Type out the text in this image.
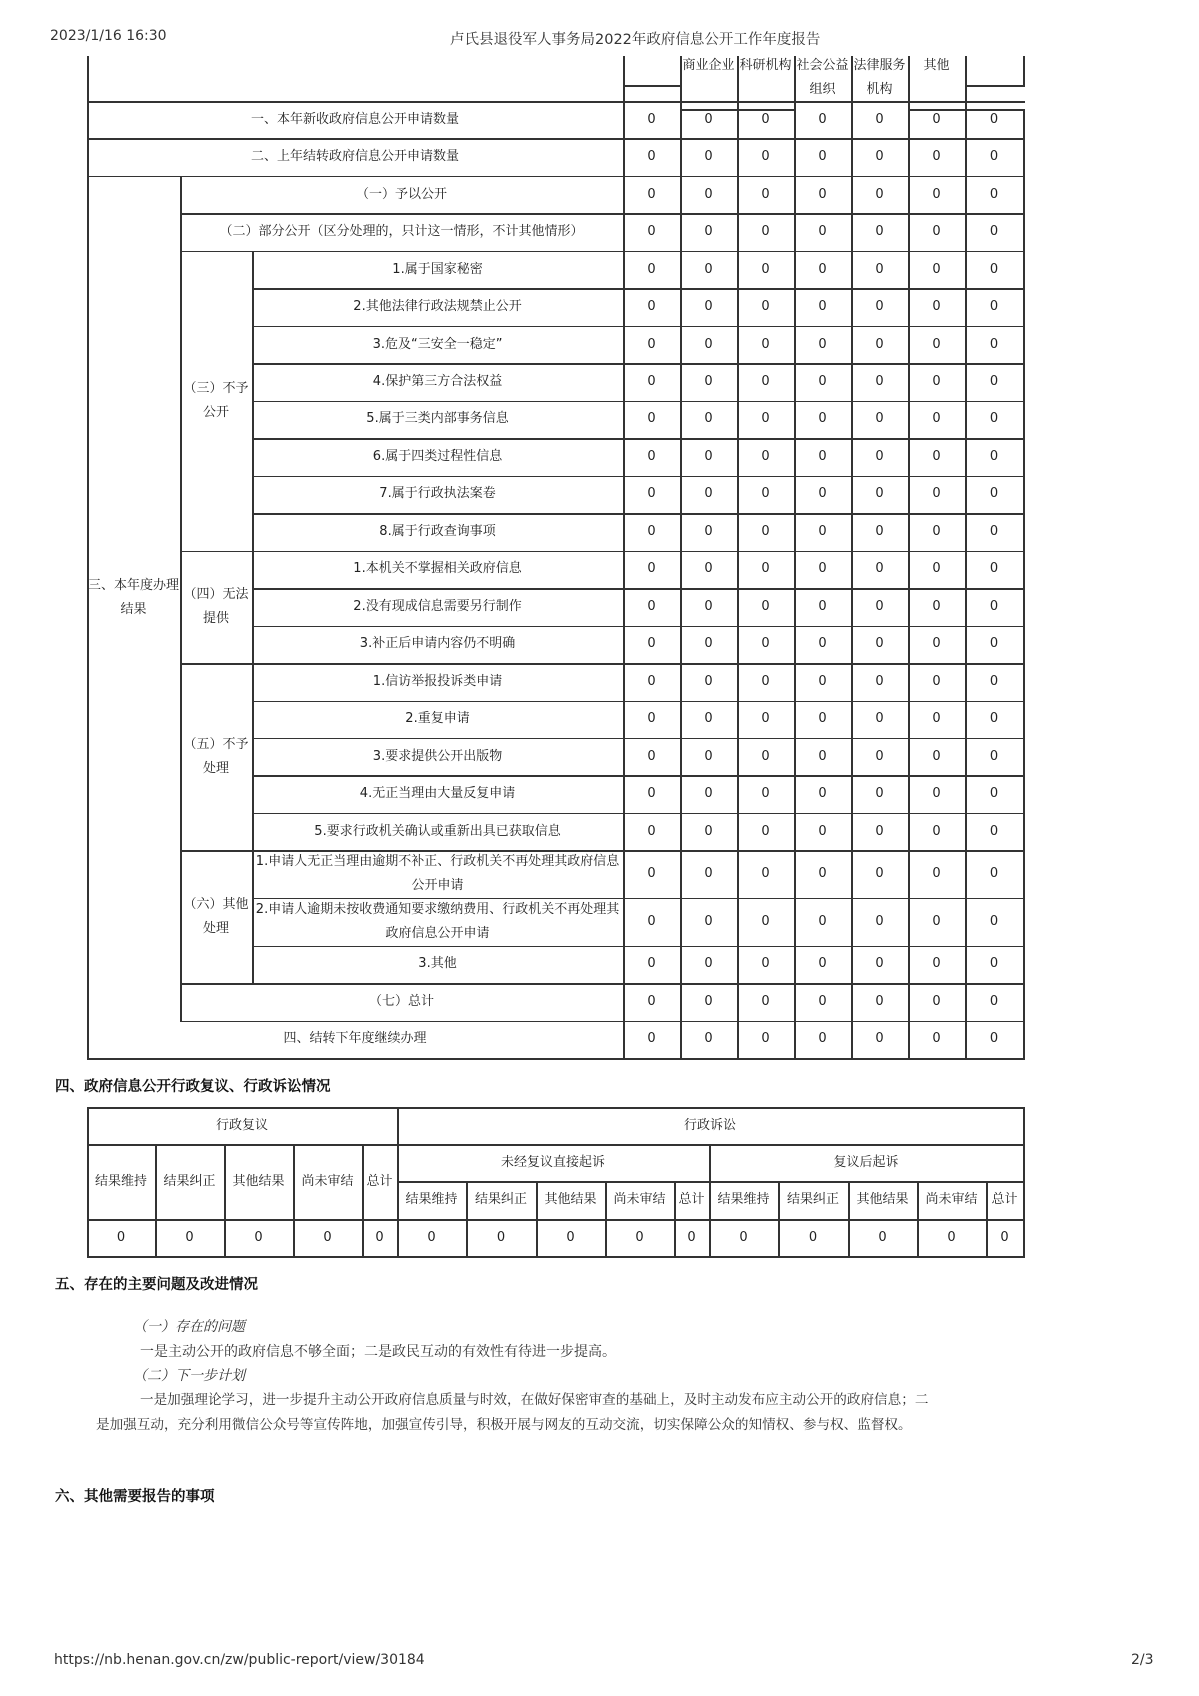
2023/1/16 16:30	卢氏县退役军人事务局2022年政府信息公开工作年度报告
商业企业 科研机构 社会公益
组织
法律服务
机构
其他
一、本年新收政府信息公开申请数量	0	0	0	0	0	0	0
二、上年结转政府信息公开申请数量	0	0	0	0	0	0	0
（一）予以公开	0	0	0	0	0	0	0
（二）部分公开（区分处理的，只计这一情形，不计其他情形）	0	0	0	0	0	0	0
1.属于国家秘密	0	0	0	0	0	0	0
2.其他法律行政法规禁止公开	0	0	0	0	0	0	0
3.危及“三安全一稳定”	0	0	0	0	0	0	0
4.保护第三方合法权益	0	0	0	0	0	0	0
5.属于三类内部事务信息	0	0	0	0	0	0	0
6.属于四类过程性信息	0	0	0	0	0	0	0
7.属于行政执法案卷	0	0	0	0	0	0	0
8.属于行政查询事项	0	0	0	0	0	0	0
1.本机关不掌握相关政府信息	0	0	0	0	0	0	0
2.没有现成信息需要另行制作	0	0	0	0	0	0	0
3.补正后申请内容仍不明确	0	0	0	0	0	0	0
1.信访举报投诉类申请	0	0	0	0	0	0	0
2.重复申请	0	0	0	0	0	0	0
3.要求提供公开出版物	0	0	0	0	0	0	0
4.无正当理由大量反复申请	0	0	0	0	0	0	0
5.要求行政机关确认或重新出具已获取信息	0	0	0	0	0	0	0
1.申请人无正当理由逾期不补正、行政机关不再处理其政府信息
公开申请
0	0	0	0	0	0	0
2.申请人逾期未按收费通知要求缴纳费用、行政机关不再处理其
政府信息公开申请
0	0	0	0	0	0	0
3.其他	0	0	0	0	0	0	0
（七）总计	0	0	0	0	0	0	0
四、结转下年度继续办理	0	0	0	0	0	0	0
三、本年度办理
结果
（三）不予
公开
（四）无法
提供
（五）不予
处理
（六）其他
处理
四、政府信息公开行政复议、行政诉讼情况
行政复议	行政诉讼
未经复议直接起诉	复议后起诉
结果维持
结果维持	结果维持
0	0	0
结果纠正
结果纠正	结果纠正
0	0	0
其他结果
其他结果	其他结果
0	0	0
尚未审结
尚未审结	尚未审结
0	0	0
总计
总计	总计
0	0	0
五、存在的主要问题及改进情况
（一）存在的问题
一是主动公开的政府信息不够全面；二是政民互动的有效性有待进一步提高。
（二）下一步计划
一是加强理论学习，进一步提升主动公开政府信息质量与时效，在做好保密审查的基础上，及时主动发布应主动公开的政府信息；二
是加强互动，充分利用微信公众号等宣传阵地，加强宣传引导，积极开展与网友的互动交流，切实保障公众的知情权、参与权、监督权。
六、其他需要报告的事项
https://nb.henan.gov.cn/zw/public-report/view/30184	2/3
